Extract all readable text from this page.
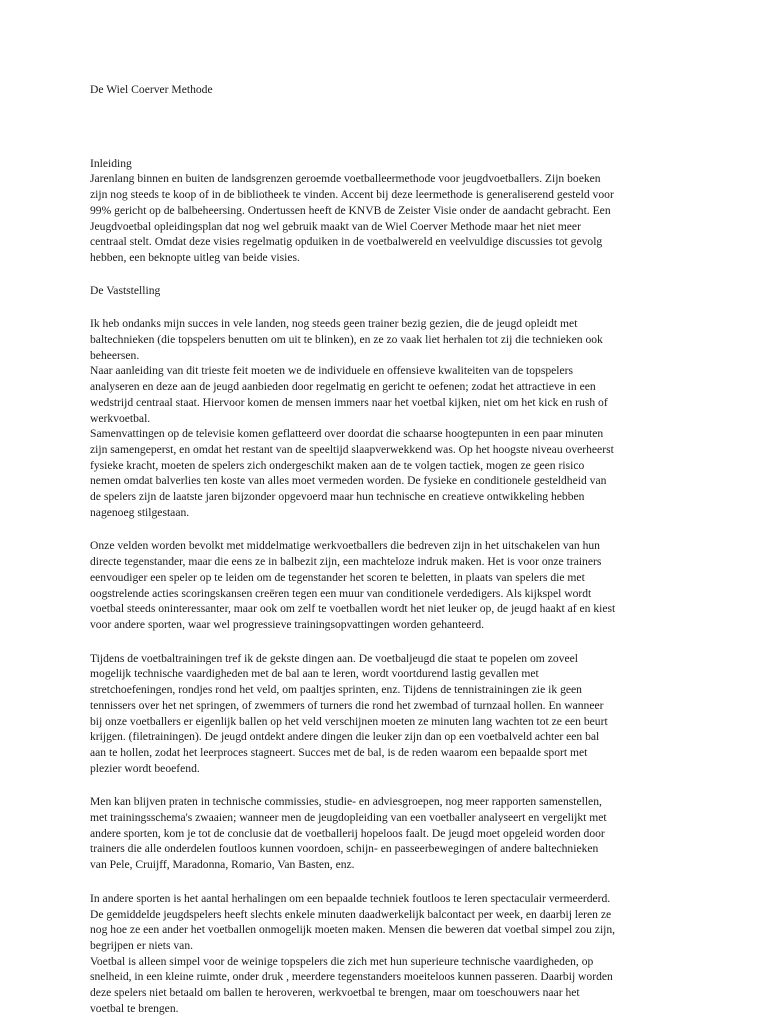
De Wiel Coerver Methode
Inleiding
Jarenlang binnen en buiten de landsgrenzen geroemde voetballeermethode voor jeugdvoetballers. Zijn boeken
zijn nog steeds te koop of in de bibliotheek te vinden. Accent bij deze leermethode is generaliserend gesteld voor
99% gericht op de balbeheersing. Ondertussen heeft de KNVB de Zeister Visie onder de aandacht gebracht. Een
Jeugdvoetbal opleidingsplan dat nog wel gebruik maakt van de Wiel Coerver Methode maar het niet meer
centraal stelt. Omdat deze visies regelmatig opduiken in de voetbalwereld en veelvuldige discussies tot gevolg
hebben, een beknopte uitleg van beide visies.
De Vaststelling
Ik heb ondanks mijn succes in vele landen, nog steeds geen trainer bezig gezien, die de jeugd opleidt met
baltechnieken (die topspelers benutten om uit te blinken), en ze zo vaak liet herhalen tot zij die technieken ook
beheersen.
Naar aanleiding van dit trieste feit moeten we de individuele en offensieve kwaliteiten van de topspelers
analyseren en deze aan de jeugd aanbieden door regelmatig en gericht te oefenen; zodat het attractieve in een
wedstrijd centraal staat. Hiervoor komen de mensen immers naar het voetbal kijken, niet om het kick en rush of
werkvoetbal.
Samenvattingen op de televisie komen geflatteerd over doordat die schaarse hoogtepunten in een paar minuten
zijn samengeperst, en omdat het restant van de speeltijd slaapverwekkend was. Op het hoogste niveau overheerst
fysieke kracht, moeten de spelers zich ondergeschikt maken aan de te volgen tactiek, mogen ze geen risico
nemen omdat balverlies ten koste van alles moet vermeden worden. De fysieke en conditionele gesteldheid van
de spelers zijn de laatste jaren bijzonder opgevoerd maar hun technische en creatieve ontwikkeling hebben
nagenoeg stilgestaan.
Onze velden worden bevolkt met middelmatige werkvoetballers die bedreven zijn in het uitschakelen van hun
directe tegenstander, maar die eens ze in balbezit zijn, een machteloze indruk maken. Het is voor onze trainers
eenvoudiger een speler op te leiden om de tegenstander het scoren te beletten, in plaats van spelers die met
oogstrelende acties scoringskansen creëren tegen een muur van conditionele verdedigers. Als kijkspel wordt
voetbal steeds oninteressanter, maar ook om zelf te voetballen wordt het niet leuker op, de jeugd haakt af en kiest
voor andere sporten, waar wel progressieve trainingsopvattingen worden gehanteerd.
Tijdens de voetbaltrainingen tref ik de gekste dingen aan. De voetbaljeugd die staat te popelen om zoveel
mogelijk technische vaardigheden met de bal aan te leren, wordt voortdurend lastig gevallen met
stretchoefeningen, rondjes rond het veld, om paaltjes sprinten, enz. Tijdens de tennistrainingen zie ik geen
tennissers over het net springen, of zwemmers of turners die rond het zwembad of turnzaal hollen. En wanneer
bij onze voetballers er eigenlijk ballen op het veld verschijnen moeten ze minuten lang wachten tot ze een beurt
krijgen. (filetrainingen). De jeugd ontdekt andere dingen die leuker zijn dan op een voetbalveld achter een bal
aan te hollen, zodat het leerproces stagneert. Succes met de bal, is de reden waarom een bepaalde sport met
plezier wordt beoefend.
Men kan blijven praten in technische commissies, studie- en adviesgroepen, nog meer rapporten samenstellen,
met trainingsschema's zwaaien; wanneer men de jeugdopleiding van een voetballer analyseert en vergelijkt met
andere sporten, kom je tot de conclusie dat de voetballerij hopeloos faalt. De jeugd moet opgeleid worden door
trainers die alle onderdelen foutloos kunnen voordoen, schijn- en passeerbewegingen of andere baltechnieken
van Pele, Cruijff, Maradonna, Romario, Van Basten, enz.
In andere sporten is het aantal herhalingen om een bepaalde techniek foutloos te leren spectaculair vermeerderd.
De gemiddelde jeugdspelers heeft slechts enkele minuten daadwerkelijk balcontact per week, en daarbij leren ze
nog hoe ze een ander het voetballen onmogelijk moeten maken. Mensen die beweren dat voetbal simpel zou zijn,
begrijpen er niets van.
Voetbal is alleen simpel voor de weinige topspelers die zich met hun superieure technische vaardigheden, op
snelheid, in een kleine ruimte, onder druk , meerdere tegenstanders moeiteloos kunnen passeren. Daarbij worden
deze spelers niet betaald om ballen te heroveren, werkvoetbal te brengen, maar om toeschouwers naar het
voetbal te brengen.
